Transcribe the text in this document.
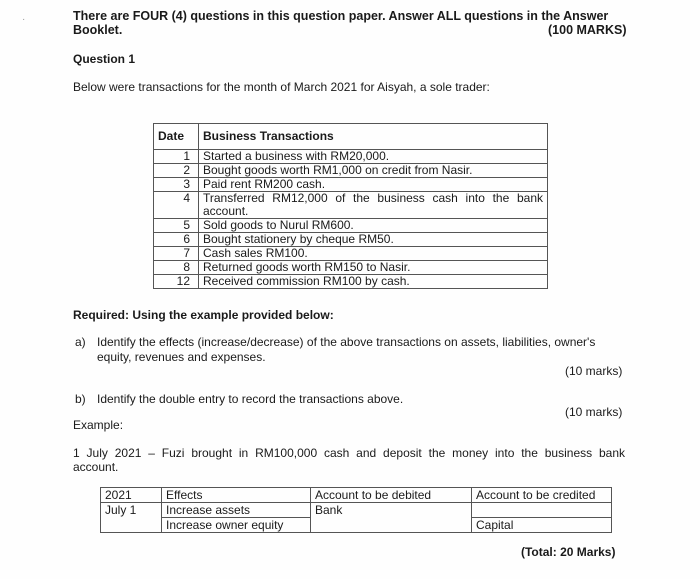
·	There are FOUR (4) questions in this question paper. Answer ALL questions in the Answer
Booklet.	(100 MARKS)
Question 1
Below were transactions for the month of March 2021 for Aisyah, a sole trader:
Date	Business Transactions
1	Started a business with RM20,000.
2	Bought goods worth RM1,000 on credit from Nasir.
3	Paid rent RM200 cash.
4	Transferred RM12,000 of the business cash into the bank account.
5	Sold goods to Nurul RM600.
6	Bought stationery by cheque RM50.
7	Cash sales RM100.
8	Returned goods worth RM150 to Nasir.
12	Received commission RM100 by cash.
Required: Using the example provided below:
a) Identify the effects (increase/decrease) of the above transactions on assets, liabilities, owner's
equity, revenues and expenses.
(10 marks)
b) Identify the double entry to record the transactions above.
(10 marks)
Example:
1 July 2021 – Fuzi brought in RM100,000 cash and deposit the money into the business bank
account.
2021	Effects	Account to be debited	Account to be credited
July 1	Increase assets	Bank	
	Increase owner equity		Capital
(Total: 20 Marks)
